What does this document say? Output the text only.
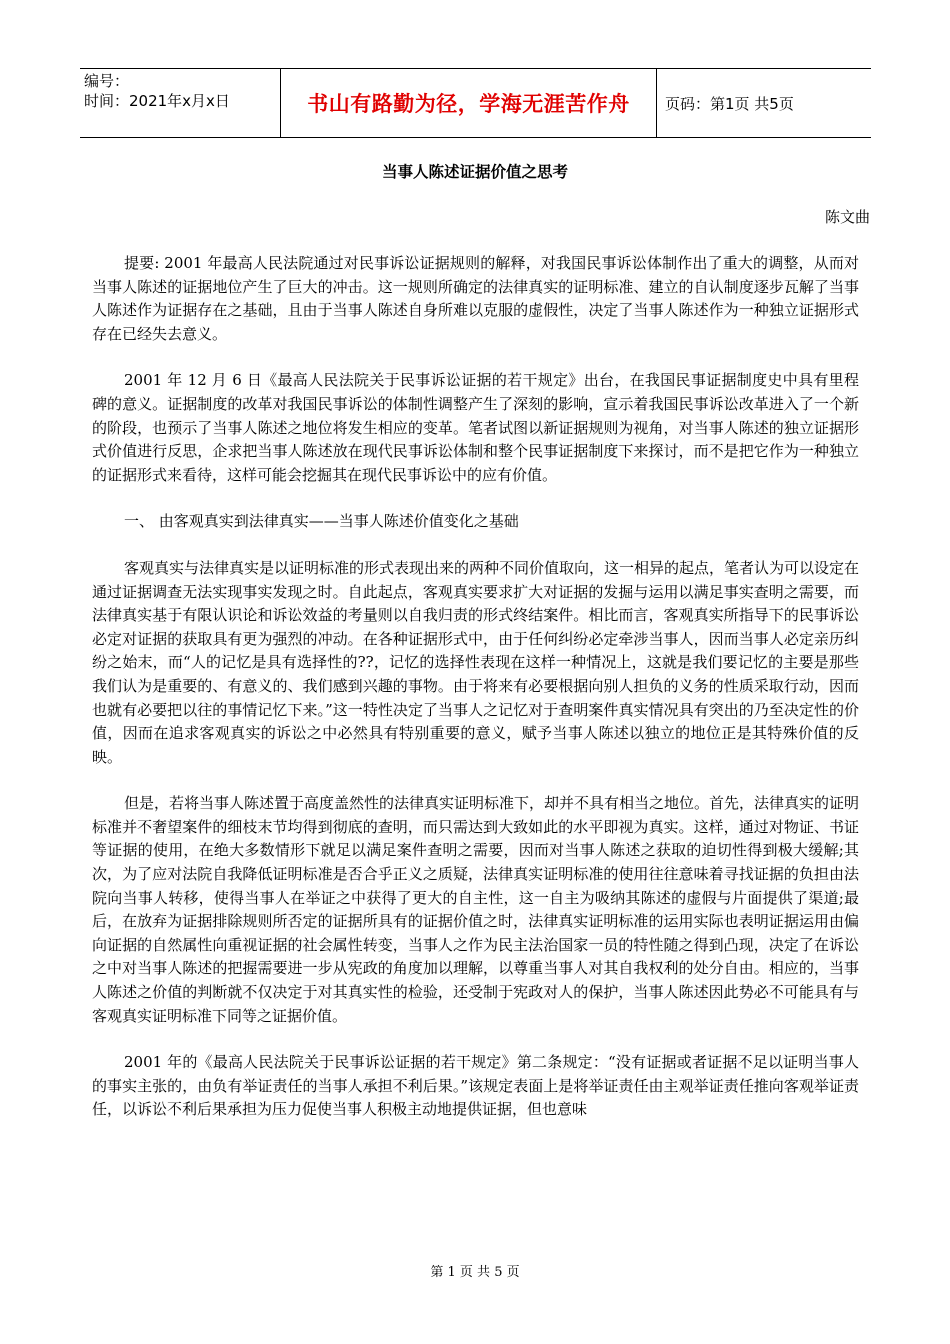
编号：
时间：2021年x月x日	书山有路勤为径，学海无涯苦作舟	页码：第1页 共5页
当事人陈述证据价值之思考
陈文曲

提要: 2001 年最高人民法院通过对民事诉讼证据规则的解释，对我国民事诉讼体制作出了重大的调整，从而对当事人陈述的证据地位产生了巨大的冲击。这一规则所确定的法律真实的证明标准、建立的自认制度逐步瓦解了当事人陈述作为证据存在之基础，且由于当事人陈述自身所难以克服的虚假性，决定了当事人陈述作为一种独立证据形式存在已经失去意义。

2001 年 12 月 6 日《最高人民法院关于民事诉讼证据的若干规定》出台，在我国民事证据制度史中具有里程碑的意义。证据制度的改革对我国民事诉讼的体制性调整产生了深刻的影响，宣示着我国民事诉讼改革进入了一个新的阶段，也预示了当事人陈述之地位将发生相应的变革。笔者试图以新证据规则为视角，对当事人陈述的独立证据形式价值进行反思，企求把当事人陈述放在现代民事诉讼体制和整个民事证据制度下来探讨，而不是把它作为一种独立的证据形式来看待，这样可能会挖掘其在现代民事诉讼中的应有价值。

一、 由客观真实到法律真实——当事人陈述价值变化之基础

客观真实与法律真实是以证明标准的形式表现出来的两种不同价值取向，这一相异的起点，笔者认为可以设定在通过证据调查无法实现事实发现之时。自此起点，客观真实要求扩大对证据的发掘与运用以满足事实查明之需要，而法律真实基于有限认识论和诉讼效益的考量则以自我归责的形式终结案件。相比而言，客观真实所指导下的民事诉讼必定对证据的获取具有更为强烈的冲动。在各种证据形式中，由于任何纠纷必定牵涉当事人，因而当事人必定亲历纠纷之始末，而“人的记忆是具有选择性的??，记忆的选择性表现在这样一种情况上，这就是我们要记忆的主要是那些我们认为是重要的、有意义的、我们感到兴趣的事物。由于将来有必要根据向别人担负的义务的性质采取行动，因而也就有必要把以往的事情记忆下来。”这一特性决定了当事人之记忆对于查明案件真实情况具有突出的乃至决定性的价值，因而在追求客观真实的诉讼之中必然具有特别重要的意义，赋予当事人陈述以独立的地位正是其特殊价值的反映。

但是，若将当事人陈述置于高度盖然性的法律真实证明标准下，却并不具有相当之地位。首先，法律真实的证明标准并不奢望案件的细枝末节均得到彻底的查明，而只需达到大致如此的水平即视为真实。这样，通过对物证、书证等证据的使用，在绝大多数情形下就足以满足案件查明之需要，因而对当事人陈述之获取的迫切性得到极大缓解;其次，为了应对法院自我降低证明标准是否合乎正义之质疑，法律真实证明标准的使用往往意味着寻找证据的负担由法院向当事人转移，使得当事人在举证之中获得了更大的自主性，这一自主为吸纳其陈述的虚假与片面提供了渠道;最后，在放弃为证据排除规则所否定的证据所具有的证据价值之时，法律真实证明标准的运用实际也表明证据运用由偏向证据的自然属性向重视证据的社会属性转变，当事人之作为民主法治国家一员的特性随之得到凸现，决定了在诉讼之中对当事人陈述的把握需要进一步从宪政的角度加以理解，以尊重当事人对其自我权利的处分自由。相应的，当事人陈述之价值的判断就不仅决定于对其真实性的检验，还受制于宪政对人的保护，当事人陈述因此势必不可能具有与客观真实证明标准下同等之证据价值。

2001 年的《最高人民法院关于民事诉讼证据的若干规定》第二条规定：“没有证据或者证据不足以证明当事人的事实主张的，由负有举证责任的当事人承担不利后果。”该规定表面上是将举证责任由主观举证责任推向客观举证责任，以诉讼不利后果承担为压力促使当事人积极主动地提供证据，但也意味

第 1 页 共 5 页
